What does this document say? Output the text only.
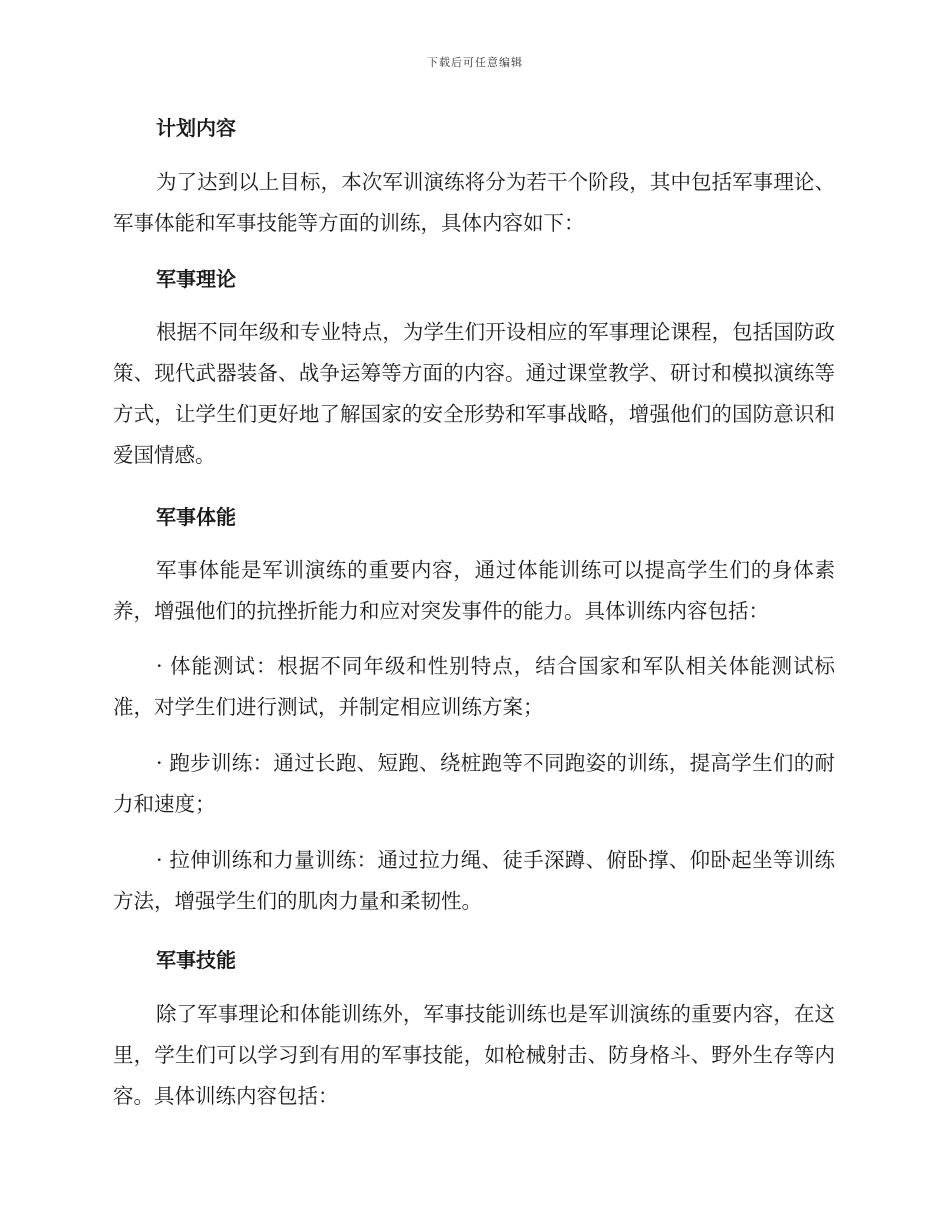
下载后可任意编辑
计划内容
为了达到以上目标，本次军训演练将分为若干个阶段，其中包括军事理论、军事体能和军事技能等方面的训练，具体内容如下：
军事理论
根据不同年级和专业特点，为学生们开设相应的军事理论课程，包括国防政策、现代武器装备、战争运筹等方面的内容。通过课堂教学、研讨和模拟演练等方式，让学生们更好地了解国家的安全形势和军事战略，增强他们的国防意识和爱国情感。
军事体能
军事体能是军训演练的重要内容，通过体能训练可以提高学生们的身体素养，增强他们的抗挫折能力和应对突发事件的能力。具体训练内容包括：
· 体能测试：根据不同年级和性别特点，结合国家和军队相关体能测试标准，对学生们进行测试，并制定相应训练方案；
· 跑步训练：通过长跑、短跑、绕桩跑等不同跑姿的训练，提高学生们的耐力和速度；
· 拉伸训练和力量训练：通过拉力绳、徒手深蹲、俯卧撑、仰卧起坐等训练方法，增强学生们的肌肉力量和柔韧性。
军事技能
除了军事理论和体能训练外，军事技能训练也是军训演练的重要内容，在这里，学生们可以学习到有用的军事技能，如枪械射击、防身格斗、野外生存等内容。具体训练内容包括：
